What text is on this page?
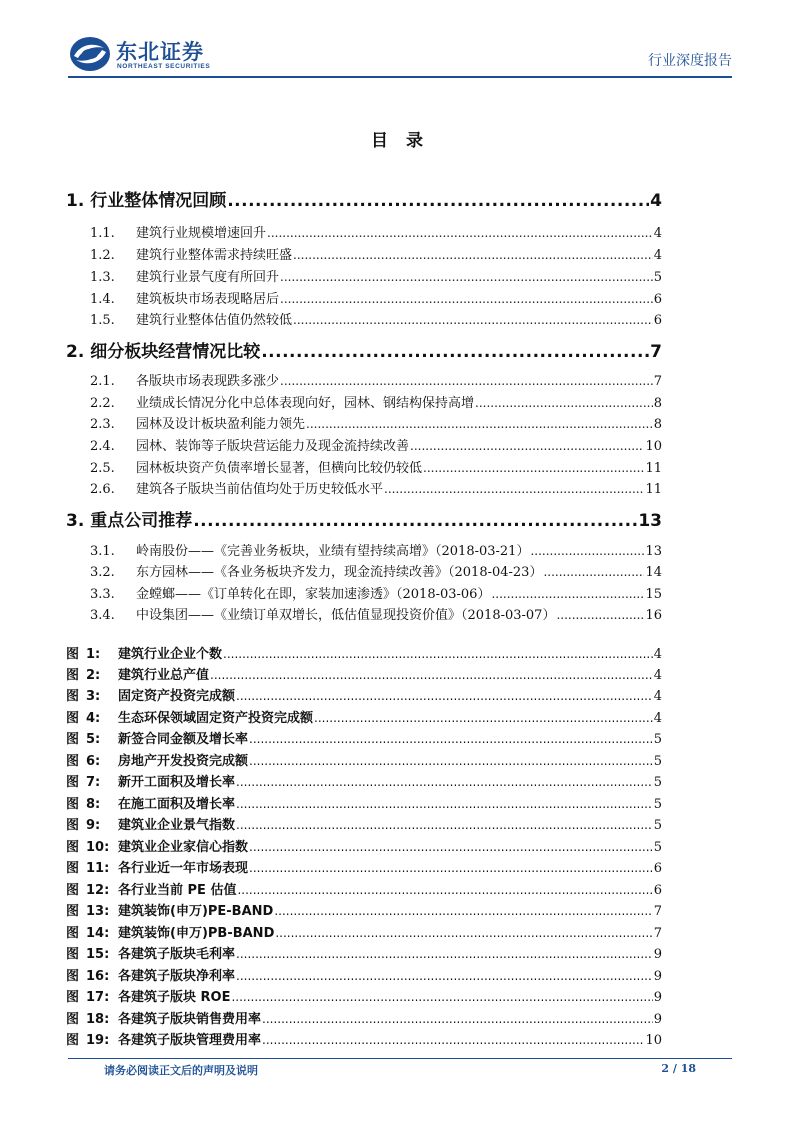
东北证券
NORTHEAST SECURITIES	行业深度报告
目 录
1. 行业整体情况回顾 .....	4
1.1. 建筑行业规模增速回升 .....	4
1.2. 建筑行业整体需求持续旺盛 .....	4
1.3. 建筑行业景气度有所回升 .....	5
1.4. 建筑板块市场表现略居后 .....	6
1.5. 建筑行业整体估值仍然较低 .....	6
2. 细分板块经营情况比较 .....	7
2.1. 各版块市场表现跌多涨少 .....	7
2.2. 业绩成长情况分化中总体表现向好，园林、钢结构保持高增 .....	8
2.3. 园林及设计板块盈利能力领先 .....	8
2.4. 园林、装饰等子版块营运能力及现金流持续改善 .....	10
2.5. 园林板块资产负债率增长显著，但横向比较仍较低 .....	11
2.6. 建筑各子版块当前估值均处于历史较低水平 .....	11
3. 重点公司推荐 .....	13
3.1. 岭南股份——《完善业务板块，业绩有望持续高增》（2018-03-21） .....	13
3.2. 东方园林——《各业务板块齐发力，现金流持续改善》（2018-04-23） .....	14
3.3. 金螳螂——《订单转化在即，家装加速渗透》（2018-03-06） .....	15
3.4. 中设集团——《业绩订单双增长，低估值显现投资价值》（2018-03-07） .....	16
图 1: 建筑行业企业个数 .....	4
图 2: 建筑行业总产值 .....	4
图 3: 固定资产投资完成额 .....	4
图 4: 生态环保领域固定资产投资完成额 .....	4
图 5: 新签合同金额及增长率 .....	5
图 6: 房地产开发投资完成额 .....	5
图 7: 新开工面积及增长率 .....	5
图 8: 在施工面积及增长率 .....	5
图 9: 建筑业企业景气指数 .....	5
图 10: 建筑业企业家信心指数 .....	5
图 11: 各行业近一年市场表现 .....	6
图 12: 各行业当前 PE 估值 .....	6
图 13: 建筑装饰(申万)PE-BAND .....	7
图 14: 建筑装饰(申万)PB-BAND .....	7
图 15: 各建筑子版块毛利率 .....	9
图 16: 各建筑子版块净利率 .....	9
图 17: 各建筑子版块 ROE .....	9
图 18: 各建筑子版块销售费用率 .....	9
图 19: 各建筑子版块管理费用率 .....	10
请务必阅读正文后的声明及说明	2 / 18
